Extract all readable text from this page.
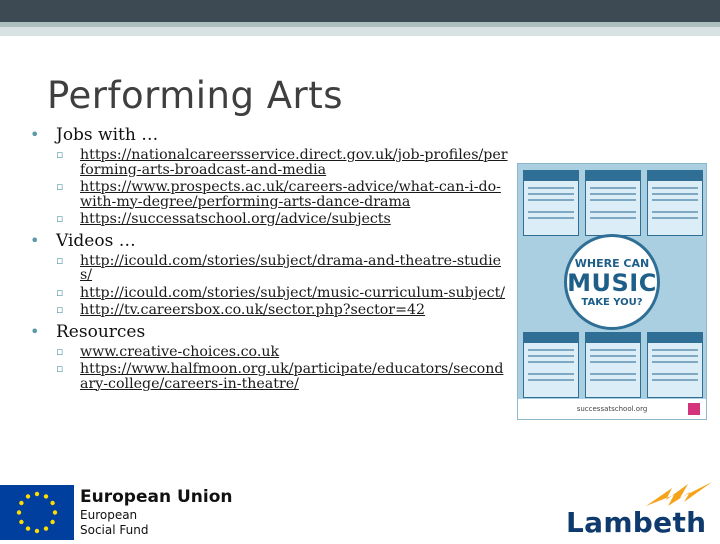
Performing Arts
• Jobs with …
▫ https://nationalcareersservice.direct.gov.uk/job-profiles/performing-arts-broadcast-and-media
▫ https://www.prospects.ac.uk/careers-advice/what-can-i-do-with-my-degree/performing-arts-dance-drama
▫ https://successatschool.org/advice/subjects
• Videos …
▫ http://icould.com/stories/subject/drama-and-theatre-studies/
▫ http://icould.com/stories/subject/music-curriculum-subject/
▫ http://tv.careersbox.co.uk/sector.php?sector=42
• Resources
▫ www.creative-choices.co.uk
▫ https://www.halfmoon.org.uk/participate/educators/secondary-college/careers-in-theatre/
WHERE CAN
MUSIC
TAKE YOU?
successatschool.org
European Union
European
Social Fund	Lambeth
